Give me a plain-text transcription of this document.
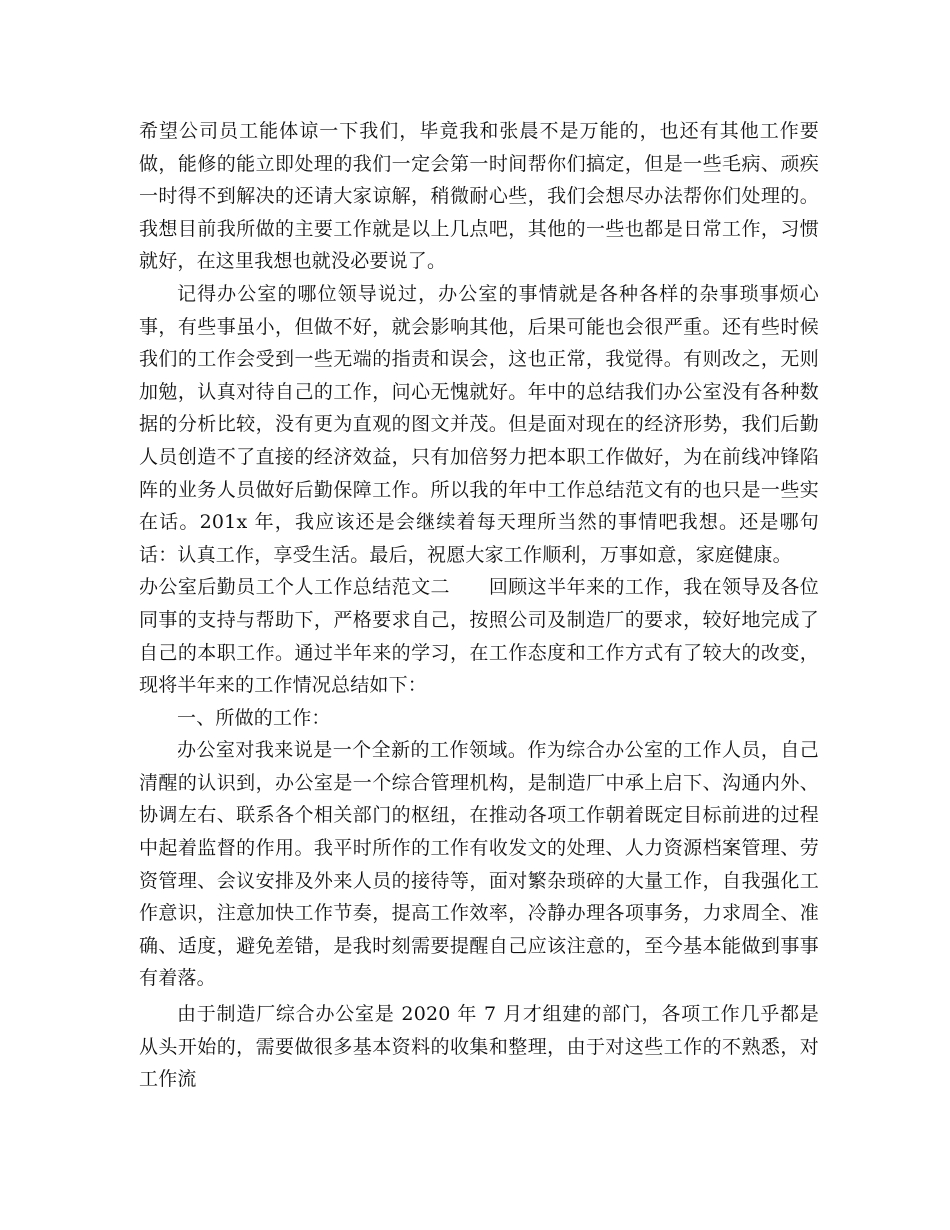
希望公司员工能体谅一下我们，毕竟我和张晨不是万能的，也还有其他工作要做，能修的能立即处理的我们一定会第一时间帮你们搞定，但是一些毛病、顽疾一时得不到解决的还请大家谅解，稍微耐心些，我们会想尽办法帮你们处理的。我想目前我所做的主要工作就是以上几点吧，其他的一些也都是日常工作，习惯就好，在这里我想也就没必要说了。

记得办公室的哪位领导说过，办公室的事情就是各种各样的杂事琐事烦心事，有些事虽小，但做不好，就会影响其他，后果可能也会很严重。还有些时候我们的工作会受到一些无端的指责和误会，这也正常，我觉得。有则改之，无则加勉，认真对待自己的工作，问心无愧就好。年中的总结我们办公室没有各种数据的分析比较，没有更为直观的图文并茂。但是面对现在的经济形势，我们后勤人员创造不了直接的经济效益，只有加倍努力把本职工作做好，为在前线冲锋陷阵的业务人员做好后勤保障工作。所以我的年中工作总结范文有的也只是一些实在话。201x 年，我应该还是会继续着每天理所当然的事情吧我想。还是哪句话：认真工作，享受生活。最后，祝愿大家工作顺利，万事如意，家庭健康。

办公室后勤员工个人工作总结范文二　　回顾这半年来的工作，我在领导及各位同事的支持与帮助下，严格要求自己，按照公司及制造厂的要求，较好地完成了自己的本职工作。通过半年来的学习，在工作态度和工作方式有了较大的改变，现将半年来的工作情况总结如下：

一、所做的工作：

办公室对我来说是一个全新的工作领域。作为综合办公室的工作人员，自己清醒的认识到，办公室是一个综合管理机构，是制造厂中承上启下、沟通内外、协调左右、联系各个相关部门的枢纽，在推动各项工作朝着既定目标前进的过程中起着监督的作用。我平时所作的工作有收发文的处理、人力资源档案管理、劳资管理、会议安排及外来人员的接待等，面对繁杂琐碎的大量工作，自我强化工作意识，注意加快工作节奏，提高工作效率，冷静办理各项事务，力求周全、准确、适度，避免差错，是我时刻需要提醒自己应该注意的，至今基本能做到事事有着落。

由于制造厂综合办公室是 2020 年 7 月才组建的部门，各项工作几乎都是从头开始的，需要做很多基本资料的收集和整理，由于对这些工作的不熟悉，对工作流
